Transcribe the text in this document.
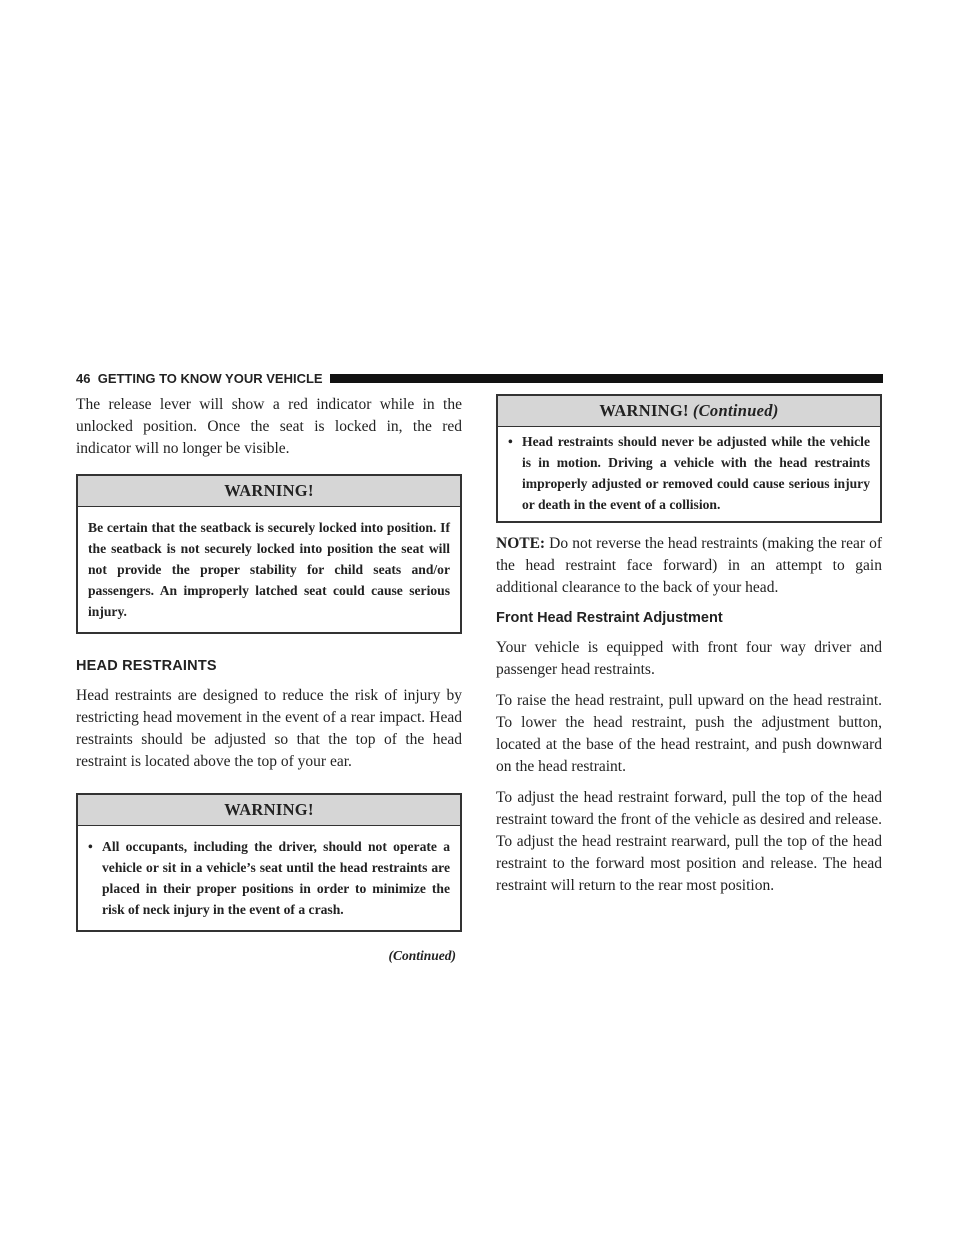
46 GETTING TO KNOW YOUR VEHICLE

The release lever will show a red indicator while in the unlocked position. Once the seat is locked in, the red indicator will no longer be visible.

WARNING!
Be certain that the seatback is securely locked into position. If the seatback is not securely locked into position the seat will not provide the proper stability for child seats and/or passengers. An improperly latched seat could cause serious injury.
HEAD RESTRAINTS

Head restraints are designed to reduce the risk of injury by restricting head movement in the event of a rear impact. Head restraints should be adjusted so that the top of the head restraint is located above the top of your ear.

WARNING!
• All occupants, including the driver, should not operate a vehicle or sit in a vehicle’s seat until the head restraints are placed in their proper positions in order to minimize the risk of neck injury in the event of a crash.
(Continued)
WARNING! (Continued)
• Head restraints should never be adjusted while the vehicle is in motion. Driving a vehicle with the head restraints improperly adjusted or removed could cause serious injury or death in the event of a collision.

NOTE: Do not reverse the head restraints (making the rear of the head restraint face forward) in an attempt to gain additional clearance to the back of your head.

Front Head Restraint Adjustment

Your vehicle is equipped with front four way driver and passenger head restraints.

To raise the head restraint, pull upward on the head restraint. To lower the head restraint, push the adjustment button, located at the base of the head restraint, and push downward on the head restraint.

To adjust the head restraint forward, pull the top of the head restraint toward the front of the vehicle as desired and release. To adjust the head restraint rearward, pull the top of the head restraint to the forward most position and release. The head restraint will return to the rear most position.
